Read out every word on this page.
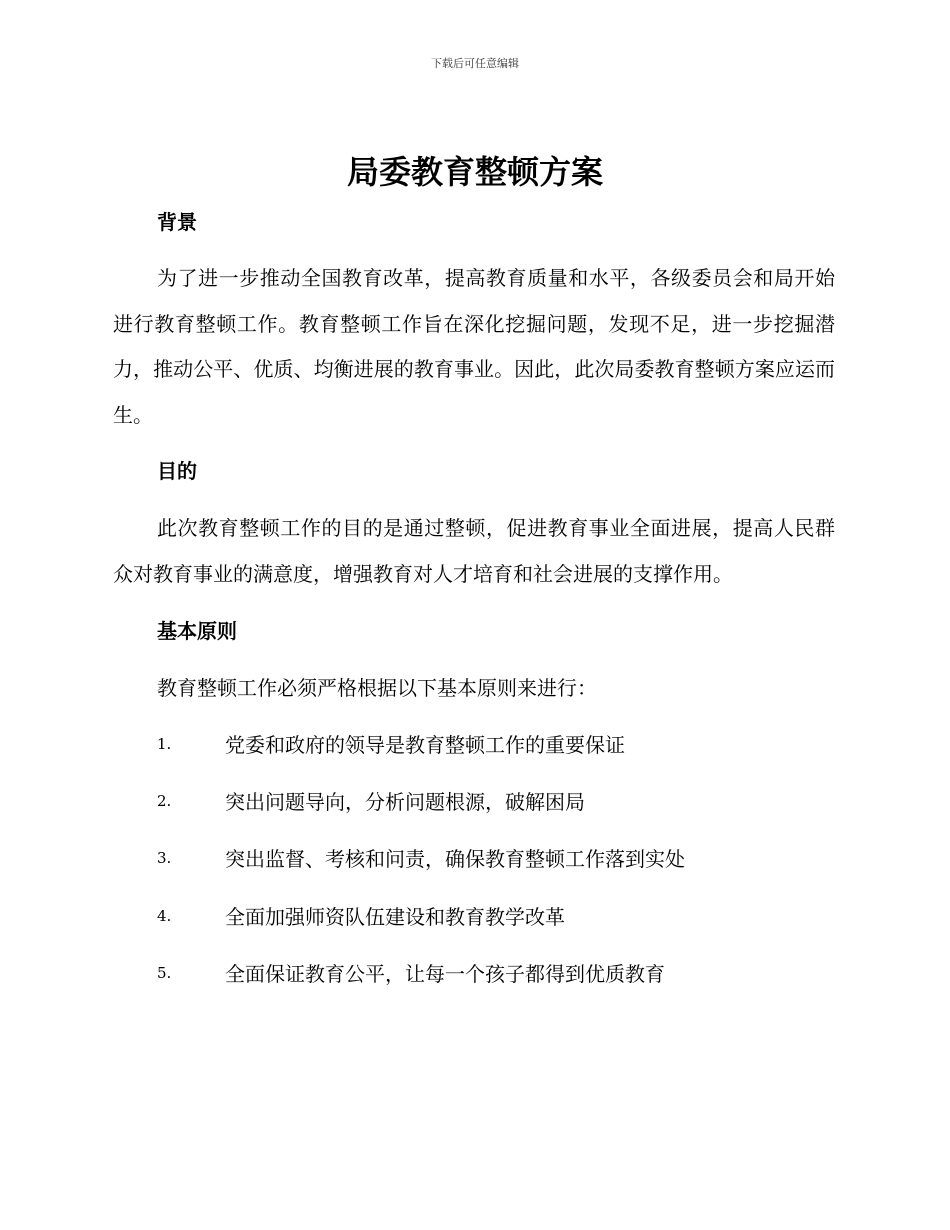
下载后可任意编辑
局委教育整顿方案
背景

为了进一步推动全国教育改革，提高教育质量和水平，各级委员会和局开始进行教育整顿工作。教育整顿工作旨在深化挖掘问题，发现不足，进一步挖掘潜力，推动公平、优质、均衡进展的教育事业。因此，此次局委教育整顿方案应运而生。

目的

此次教育整顿工作的目的是通过整顿，促进教育事业全面进展，提高人民群众对教育事业的满意度，增强教育对人才培育和社会进展的支撑作用。

基本原则

教育整顿工作必须严格根据以下基本原则来进行：

1.	党委和政府的领导是教育整顿工作的重要保证
2.	突出问题导向，分析问题根源，破解困局
3.	突出监督、考核和问责，确保教育整顿工作落到实处
4.	全面加强师资队伍建设和教育教学改革
5.	全面保证教育公平，让每一个孩子都得到优质教育
